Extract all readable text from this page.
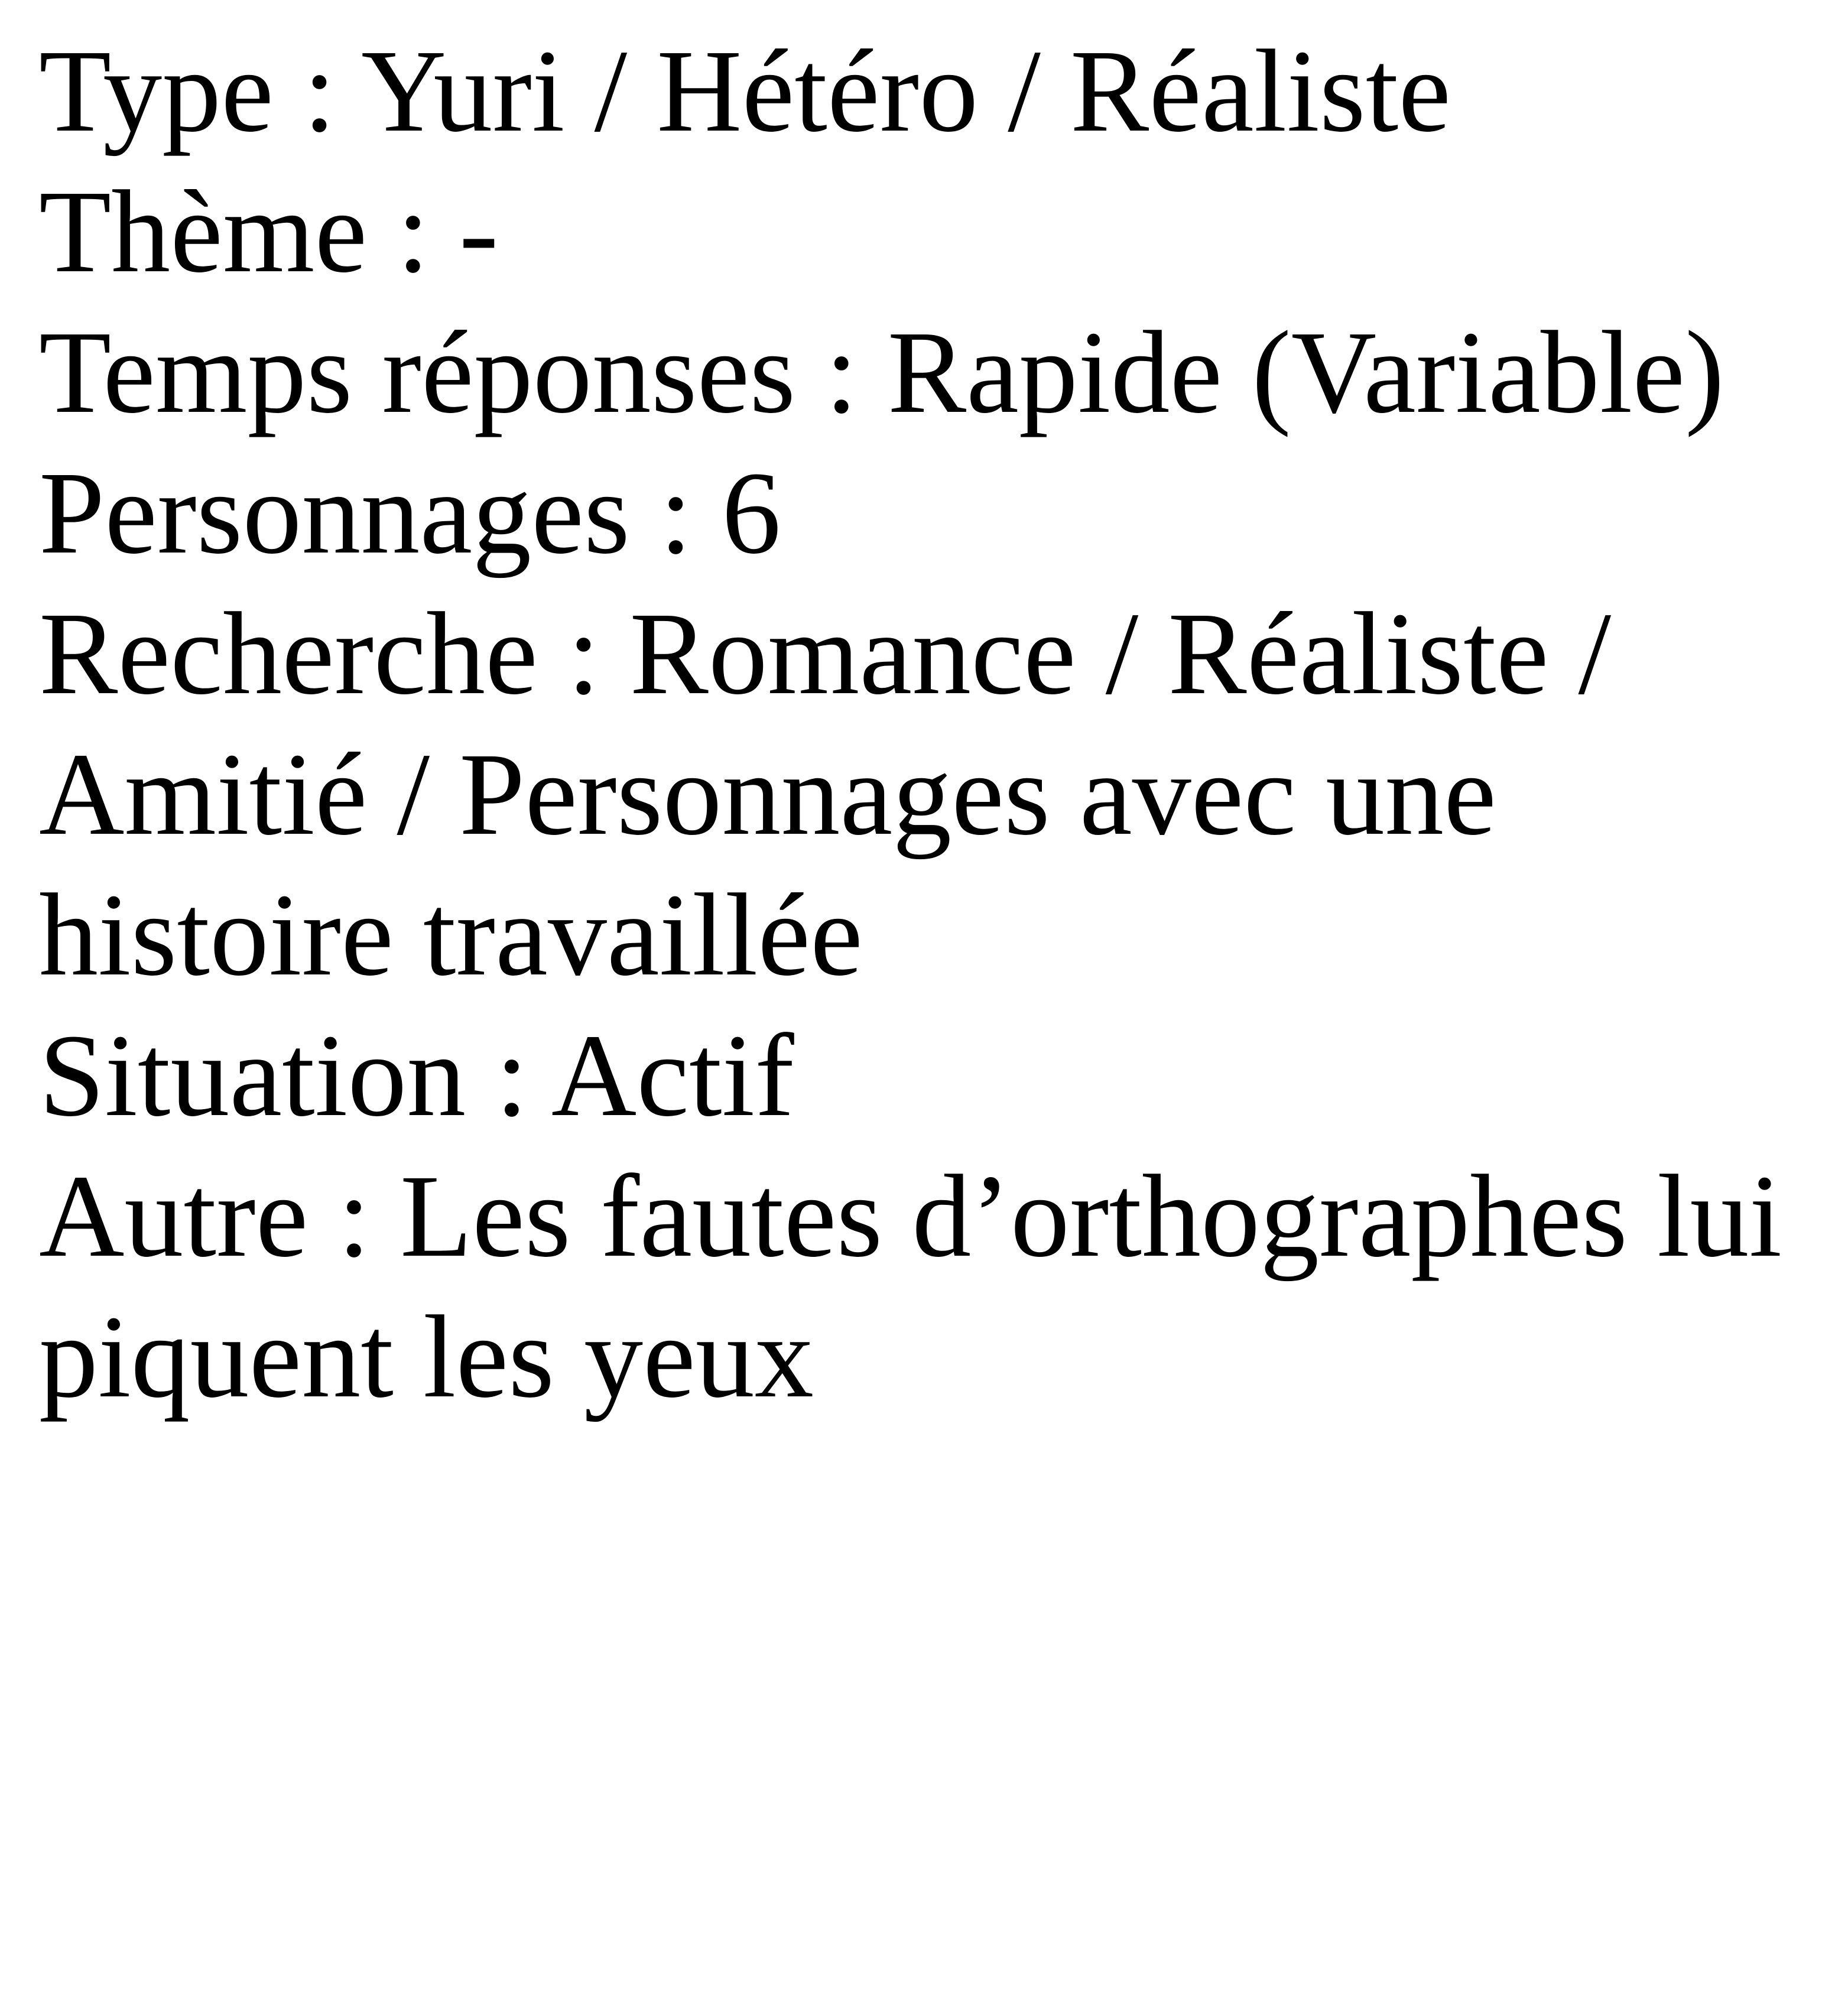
Type : Yuri / Hétéro / Réaliste
Thème : -
Temps réponses : Rapide (Variable)
Personnages : 6
Recherche : Romance / Réaliste /
Amitié / Personnages avec une
histoire travaillée
Situation : Actif
Autre : Les fautes d’orthographes lui
piquent les yeux
